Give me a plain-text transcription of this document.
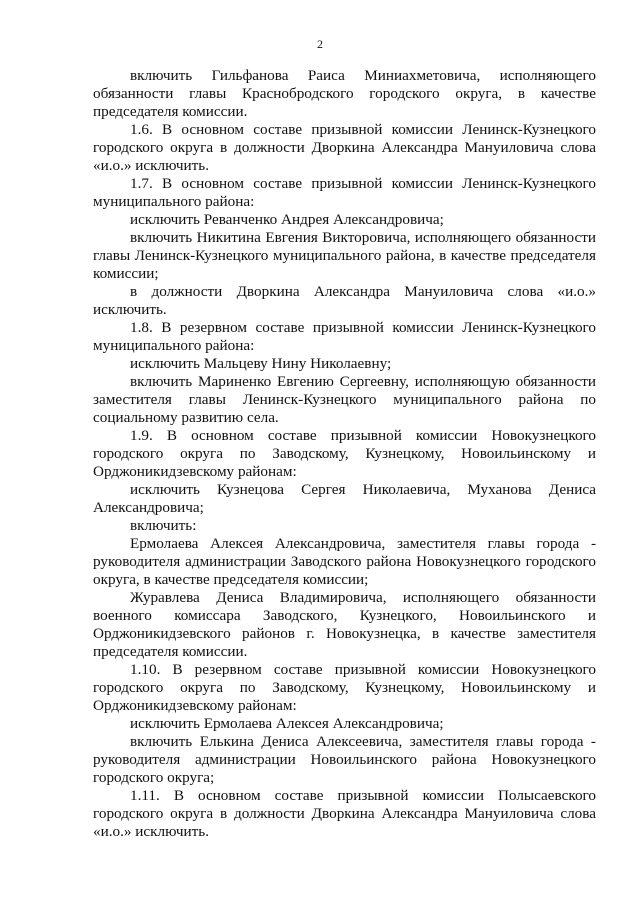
2

включить Гильфанова Раиса Миниахметовича, исполняющего обязанности главы Краснобродского городского округа, в качестве председателя комиссии.

1.6. В основном составе призывной комиссии Ленинск-Кузнецкого городского округа в должности Дворкина Александра Мануиловича слова «и.о.» исключить.

1.7. В основном составе призывной комиссии Ленинск-Кузнецкого муниципального района:

исключить Реванченко Андрея Александровича;

включить Никитина Евгения Викторовича, исполняющего обязанности главы Ленинск-Кузнецкого муниципального района, в качестве председателя комиссии;

в должности Дворкина Александра Мануиловича слова «и.о.» исключить.

1.8. В резервном составе призывной комиссии Ленинск-Кузнецкого муниципального района:

исключить Мальцеву Нину Николаевну;

включить Мариненко Евгению Сергеевну, исполняющую обязанности заместителя главы Ленинск-Кузнецкого муниципального района по социальному развитию села.

1.9. В основном составе призывной комиссии Новокузнецкого городского округа по Заводскому, Кузнецкому, Новоильинскому и Орджоникидзевскому районам:

исключить Кузнецова Сергея Николаевича, Муханова Дениса Александровича;

включить:

Ермолаева Алексея Александровича, заместителя главы города - руководителя администрации Заводского района Новокузнецкого городского округа, в качестве председателя комиссии;

Журавлева Дениса Владимировича, исполняющего обязанности военного комиссара Заводского, Кузнецкого, Новоильинского и Орджоникидзевского районов г. Новокузнецка, в качестве заместителя председателя комиссии.

1.10. В резервном составе призывной комиссии Новокузнецкого городского округа по Заводскому, Кузнецкому, Новоильинскому и Орджоникидзевскому районам:

исключить Ермолаева Алексея Александровича;

включить Елькина Дениса Алексеевича, заместителя главы города - руководителя администрации Новоильинского района Новокузнецкого городского округа;

1.11. В основном составе призывной комиссии Полысаевского городского округа в должности Дворкина Александра Мануиловича слова «и.о.» исключить.
